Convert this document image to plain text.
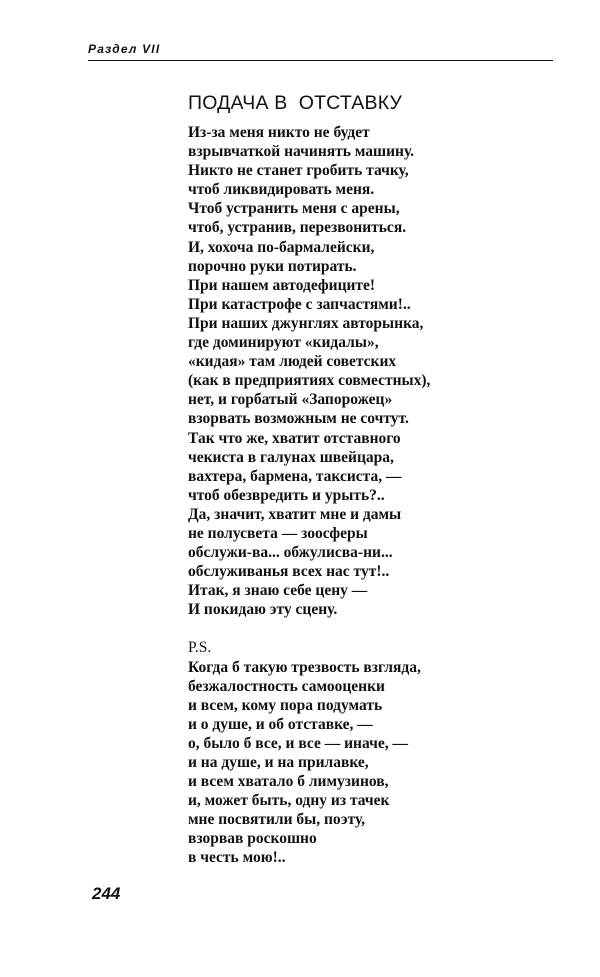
Раздел VII
ПОДАЧА В  ОТСТАВКУ
Из-за меня никто не будет
взрывчаткой начинять машину.
Никто не станет гробить тачку,
чтоб ликвидировать меня.
Чтоб устранить меня с арены,
чтоб, устранив, перезвониться.
И, хохоча по-бармалейски,
порочно руки потирать.
При нашем автодефиците!
При катастрофе с запчастями!..
При наших джунглях авторынка,
где доминируют «кидалы»,
«кидая» там людей советских
(как в предприятиях совместных),
нет, и горбатый «Запорожец»
взорвать возможным не сочтут.
Так что же, хватит отставного
чекиста в галунах швейцара,
вахтера, бармена, таксиста, —
чтоб обезвредить и урыть?..
Да, значит, хватит мне и дамы
не полусвета — зоосферы
обслужи-ва... обжулисва-ни...
обслуживанья всех нас тут!..
Итак, я знаю себе цену —
И покидаю эту сцену.
P.S.
Когда б такую трезвость взгляда,
безжалостность самооценки
и всем, кому пора подумать
и о душе, и об отставке, —
о, было б все, и все — иначе, —
и на душе, и на прилавке,
и всем хватало б лимузинов,
и, может быть, одну из тачек
мне посвятили бы, поэту,
взорвав роскошно
в честь мою!..
244
